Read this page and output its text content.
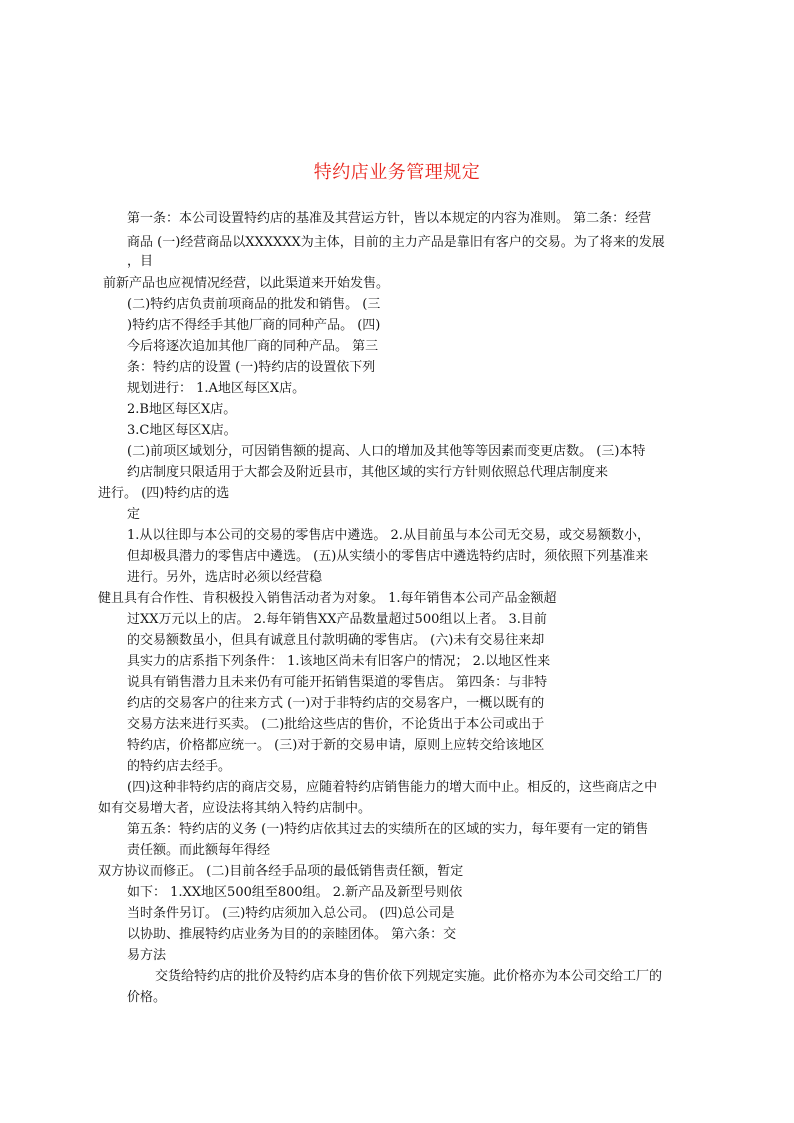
特约店业务管理规定
第一条：本公司设置特约店的基准及其营运方针，皆以本规定的内容为准则。 第二条：经营
商品 (一)经营商品以XXXXXX为主体，目前的主力产品是靠旧有客户的交易。为了将来的发展
，目
前新产品也应视情况经营，以此渠道来开始发售。
(二)特约店负责前项商品的批发和销售。 (三
)特约店不得经手其他厂商的同种产品。 (四)
今后将逐次追加其他厂商的同种产品。 第三
条：特约店的设置 (一)特约店的设置依下列
规划进行： 1.A地区每区X店。
2.B地区每区X店。
3.C地区每区X店。
(二)前项区域划分，可因销售额的提高、人口的增加及其他等等因素而变更店数。 (三)本特
约店制度只限适用于大都会及附近县市，其他区域的实行方针则依照总代理店制度来
进行。 (四)特约店的选
定
1.从以往即与本公司的交易的零售店中遴选。 2.从目前虽与本公司无交易，或交易额数小，
但却极具潜力的零售店中遴选。 (五)从实绩小的零售店中遴选特约店时，须依照下列基准来
进行。另外，选店时必须以经营稳
健且具有合作性、肯积极投入销售活动者为对象。 1.每年销售本公司产品金额超
过XX万元以上的店。 2.每年销售XX产品数量超过500组以上者。 3.目前
的交易额数虽小，但具有诚意且付款明确的零售店。 (六)未有交易往来却
具实力的店系指下列条件： 1.该地区尚未有旧客户的情况； 2.以地区性来
说具有销售潜力且未来仍有可能开拓销售渠道的零售店。 第四条：与非特
约店的交易客户的往来方式 (一)对于非特约店的交易客户，一概以既有的
交易方法来进行买卖。 (二)批给这些店的售价，不论货出于本公司或出于
特约店，价格都应统一。 (三)对于新的交易申请，原则上应转交给该地区
的特约店去经手。
(四)这种非特约店的商店交易，应随着特约店销售能力的增大而中止。相反的，这些商店之中
如有交易增大者，应设法将其纳入特约店制中。
第五条：特约店的义务 (一)特约店依其过去的实绩所在的区域的实力，每年要有一定的销售
责任额。而此额每年得经
双方协议而修正。 (二)目前各经手品项的最低销售责任额，暂定
如下： 1.XX地区500组至800组。 2.新产品及新型号则依
当时条件另订。 (三)特约店须加入总公司。 (四)总公司是
以协助、推展特约店业务为目的的亲睦团体。 第六条：交
易方法
交货给特约店的批价及特约店本身的售价依下列规定实施。此价格亦为本公司交给工厂的
价格。
